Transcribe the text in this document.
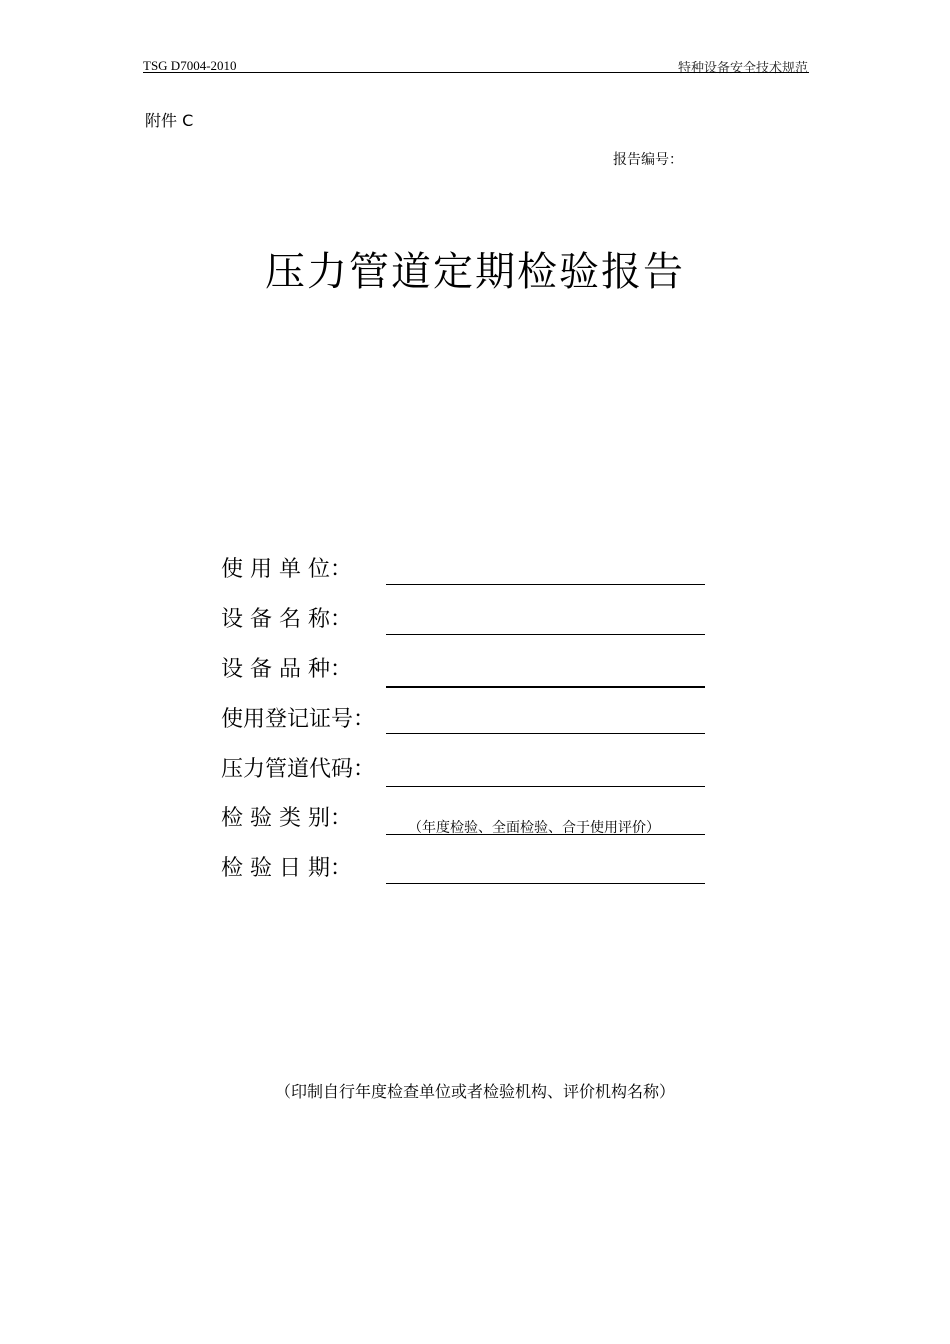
TSG D7004-2010	特种设备安全技术规范
附件 C
报告编号：
压力管道定期检验报告
使 用 单 位：
设 备 名 称：
设 备 品 种：
使用登记证号：
压力管道代码：
检 验 类 别：	（年度检验、全面检验、合于使用评价）
检 验 日 期：
（印制自行年度检查单位或者检验机构、评价机构名称）
